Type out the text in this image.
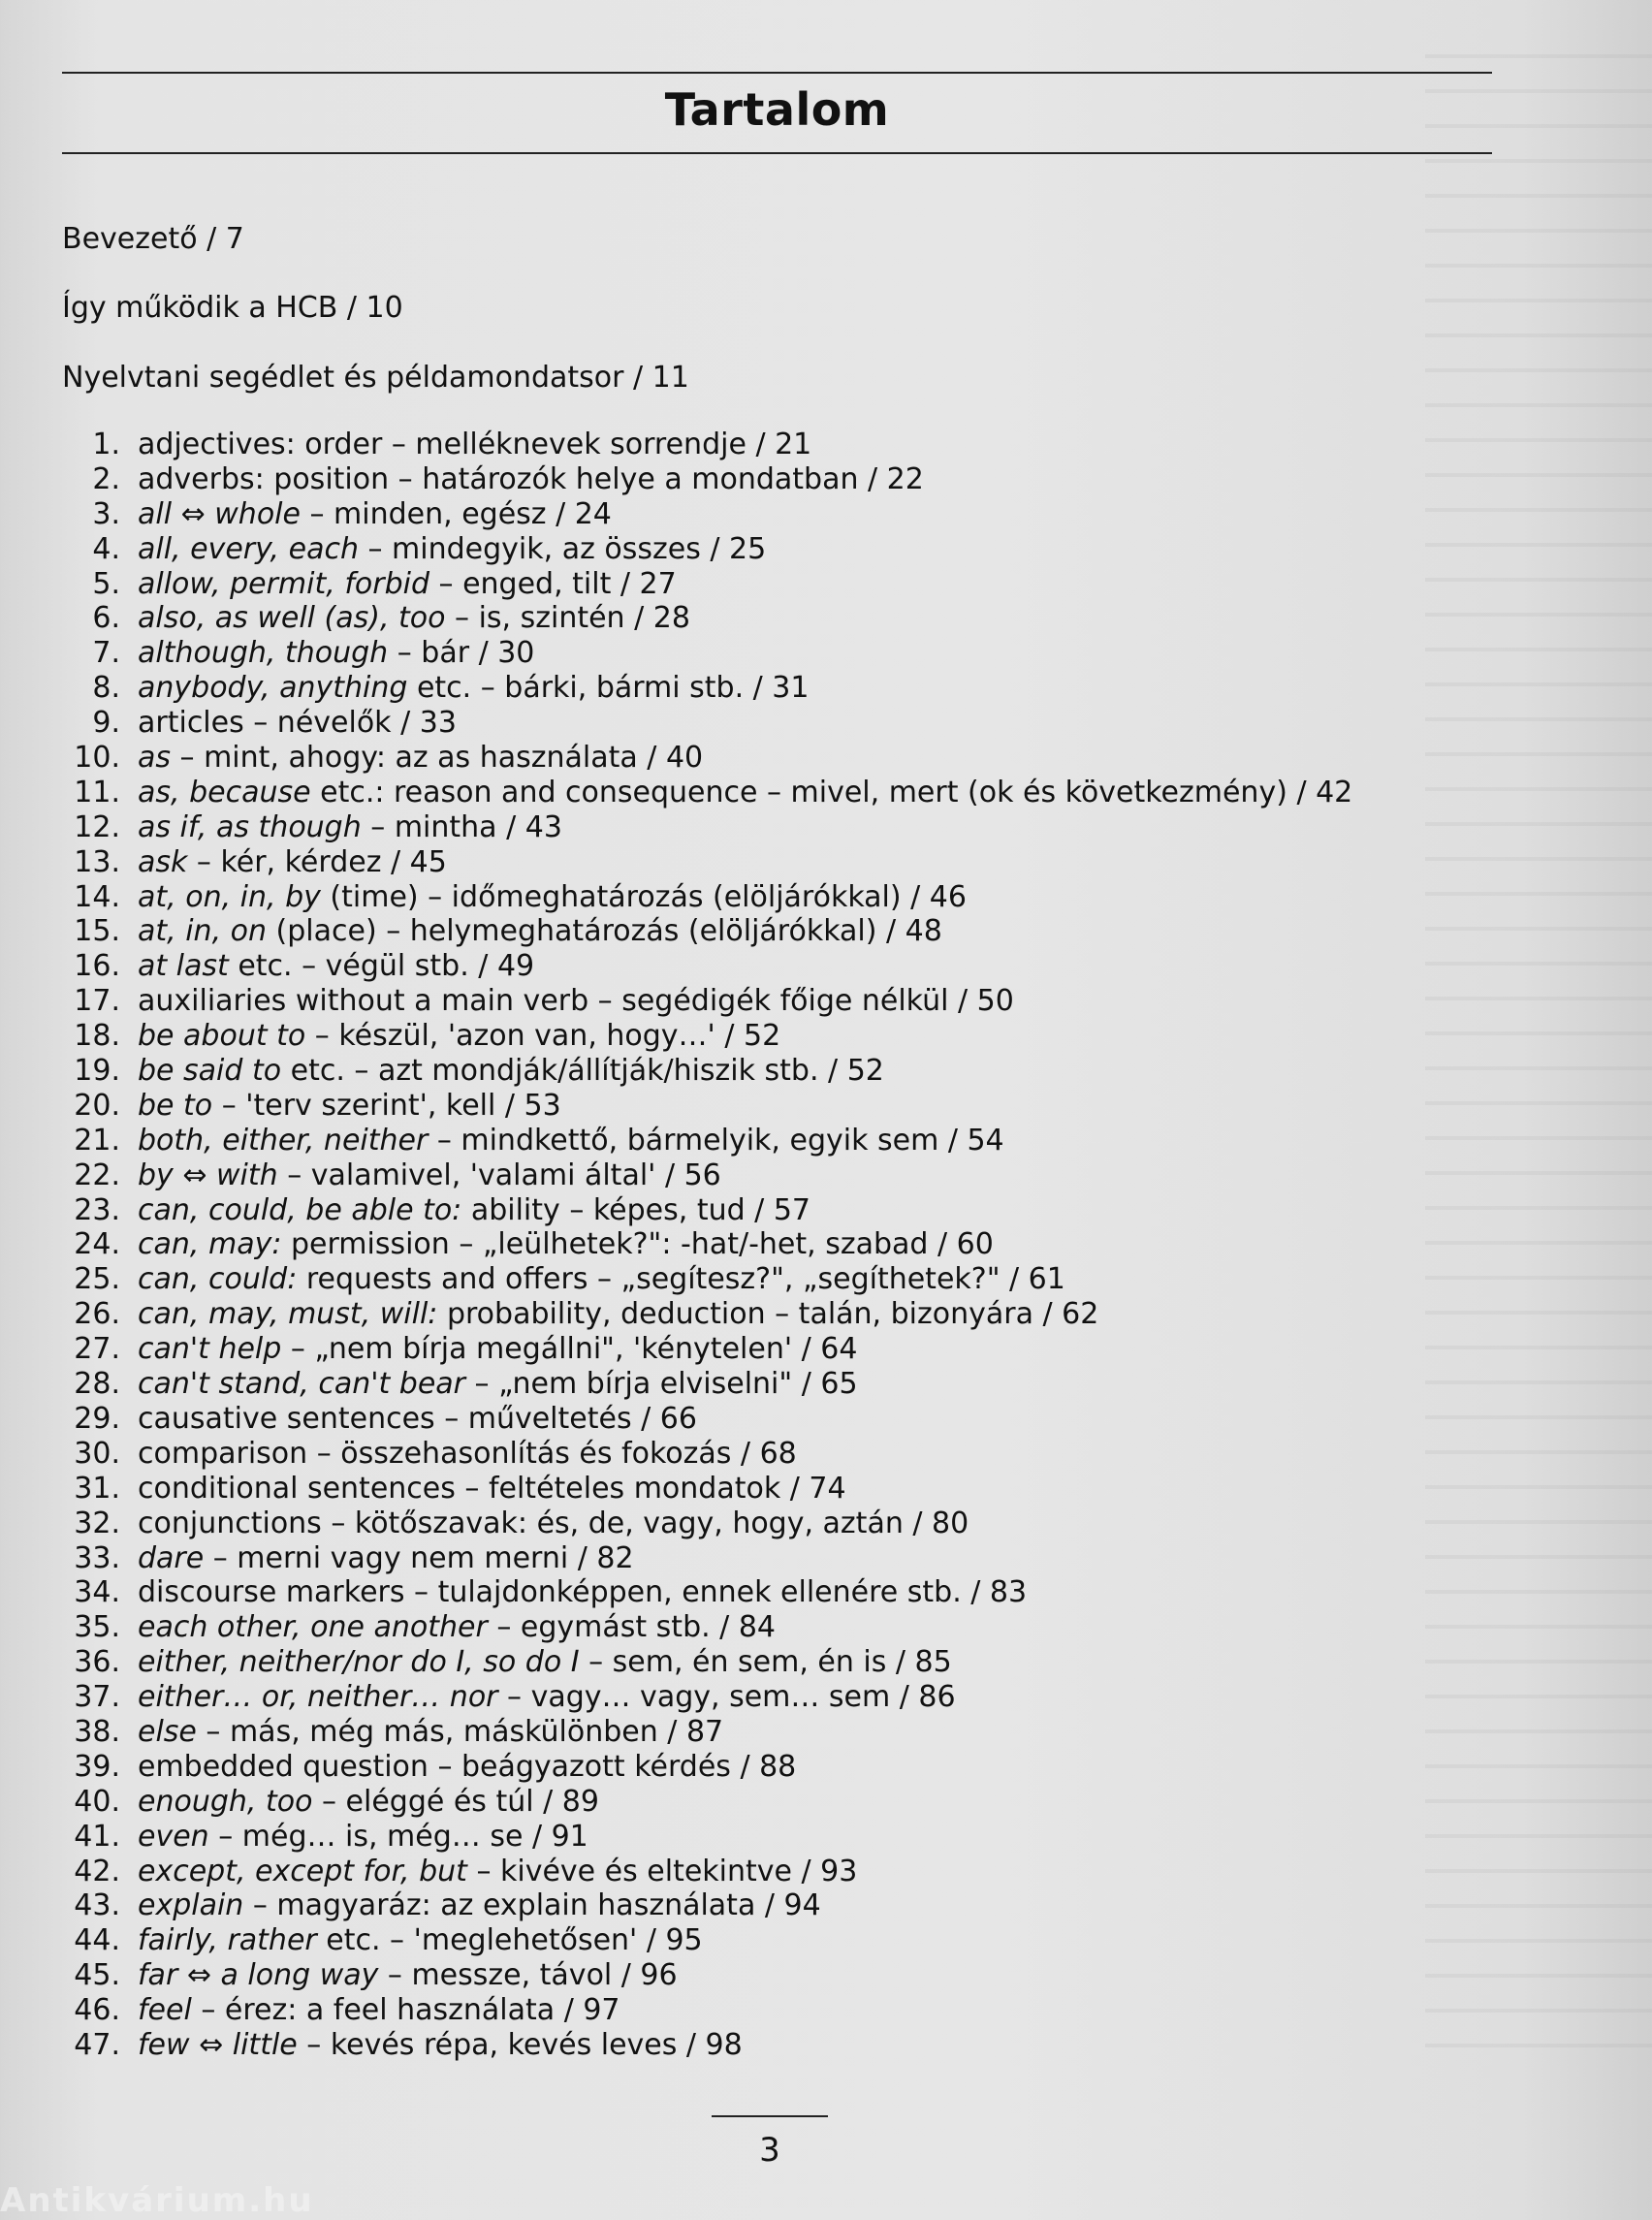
Tartalom
Bevezető / 7
Így működik a HCB / 10
Nyelvtani segédlet és példamondatsor / 11
1. adjectives: order – melléknevek sorrendje / 21
2. adverbs: position – határozók helye a mondatban / 22
3. all ⇔ whole – minden, egész / 24
4. all, every, each – mindegyik, az összes / 25
5. allow, permit, forbid – enged, tilt / 27
6. also, as well (as), too – is, szintén / 28
7. although, though – bár / 30
8. anybody, anything etc. – bárki, bármi stb. / 31
9. articles – névelők / 33
10. as – mint, ahogy: az as használata / 40
11. as, because etc.: reason and consequence – mivel, mert (ok és következmény) / 42
12. as if, as though – mintha / 43
13. ask – kér, kérdez / 45
14. at, on, in, by (time) – időmeghatározás (elöljárókkal) / 46
15. at, in, on (place) – helymeghatározás (elöljárókkal) / 48
16. at last etc. – végül stb. / 49
17. auxiliaries without a main verb – segédigék főige nélkül / 50
18. be about to – készül, 'azon van, hogy…' / 52
19. be said to etc. – azt mondják/állítják/hiszik stb. / 52
20. be to – 'terv szerint', kell / 53
21. both, either, neither – mindkettő, bármelyik, egyik sem / 54
22. by ⇔ with – valamivel, 'valami által' / 56
23. can, could, be able to: ability – képes, tud / 57
24. can, may: permission – „leülhetek?": -hat/-het, szabad / 60
25. can, could: requests and offers – „segítesz?", „segíthetek?" / 61
26. can, may, must, will: probability, deduction – talán, bizonyára / 62
27. can't help – „nem bírja megállni", 'kénytelen' / 64
28. can't stand, can't bear – „nem bírja elviselni" / 65
29. causative sentences – műveltetés / 66
30. comparison – összehasonlítás és fokozás / 68
31. conditional sentences – feltételes mondatok / 74
32. conjunctions – kötőszavak: és, de, vagy, hogy, aztán / 80
33. dare – merni vagy nem merni / 82
34. discourse markers – tulajdonképpen, ennek ellenére stb. / 83
35. each other, one another – egymást stb. / 84
36. either, neither/nor do I, so do I – sem, én sem, én is / 85
37. either… or, neither… nor – vagy… vagy, sem… sem / 86
38. else – más, még más, máskülönben / 87
39. embedded question – beágyazott kérdés / 88
40. enough, too – eléggé és túl / 89
41. even – még… is, még… se / 91
42. except, except for, but – kivéve és eltekintve / 93
43. explain – magyaráz: az explain használata / 94
44. fairly, rather etc. – 'meglehetősen' / 95
45. far ⇔ a long way – messze, távol / 96
46. feel – érez: a feel használata / 97
47. few ⇔ little – kevés répa, kevés leves / 98
3
Antikvárium.hu
